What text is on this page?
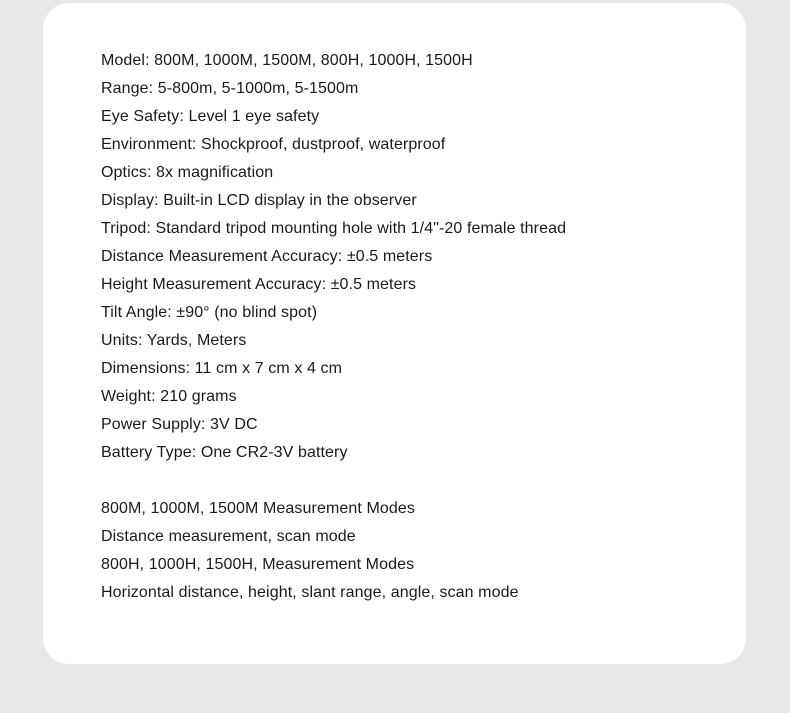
Model: 800M, 1000M, 1500M, 800H, 1000H, 1500H
Range: 5-800m, 5-1000m, 5-1500m
Eye Safety: Level 1 eye safety
Environment: Shockproof, dustproof, waterproof
Optics: 8x magnification
Display: Built-in LCD display in the observer
Tripod: Standard tripod mounting hole with 1/4"-20 female thread
Distance Measurement Accuracy: ±0.5 meters
Height Measurement Accuracy: ±0.5 meters
Tilt Angle: ±90° (no blind spot)
Units: Yards, Meters
Dimensions: 11 cm x 7 cm x 4 cm
Weight: 210 grams
Power Supply: 3V DC
Battery Type: One CR2-3V battery
800M, 1000M, 1500M Measurement Modes
Distance measurement, scan mode
800H, 1000H, 1500H, Measurement Modes
Horizontal distance, height, slant range, angle, scan mode
